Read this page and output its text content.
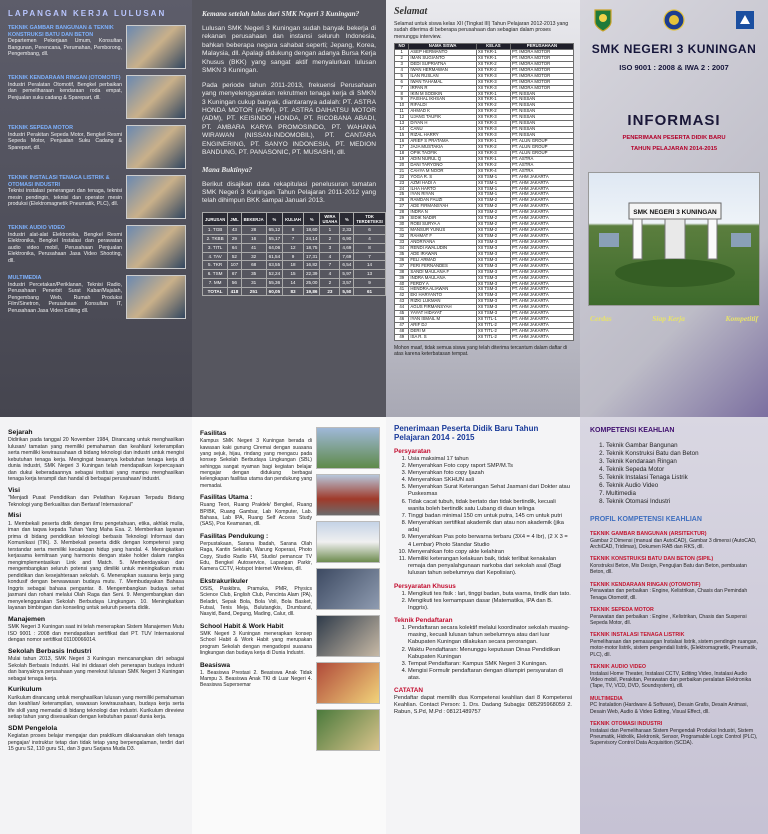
LAPANGAN KERJA LULUSAN
TEKNIK GAMBAR BANGUNAN & TEKNIK KONSTRUKSI BATU DAN BETON
Departemen Pekerjaan Umum, Konsultan Bangunan, Perencana, Perumahan, Pemborong, Pengembang, dll.
TEKNIK KENDARAAN RINGAN (OTOMOTIF)
Industri Peralatan Otomotif, Bengkel perbaikan dan pemeliharaan kendaraan roda empat, Penjualan suku cadang & Sparepart, dll.
TEKNIK SEPEDA MOTOR
Industri Perakitan Sepeda Motor, Bengkel Resmi Sepeda Motor, Penjualan Suku Cadang & Sparepart, dll.
TEKNIK INSTALASI TENAGA LISTRIK & OTOMASI INDUSTRI
Teknisi instalasi penerangan dan tenaga, teknisi mesin pendingin, teknisi dan operator mesin produksi (Elektromagnetik Pneumatik, PLC), dll.
TEKNIK AUDIO VIDEO
Industri alat-alat Elektronika, Bengkel Resmi Elektronika, Bengkel Instalasi dan perawatan audio video mobil, Perusahaan Penjualan Elektronika, Perusahaan Jasa Video Shooting, dll.
MULTIMEDIA
Industri Percetakan/Periklanan, Teknisi Radio, Perusahaan Penerbit Surat Kabar/Majalah, Pengembang Web, Rumah Produksi Film/Sinetron, Perusahaan Konsultan IT, Perusahaan Jasa Video Editing dll.
Kemana setelah lulus dari SMK Negeri 3 Kuningan?
Lulusan SMK Negeri 3 Kuningan sudah banyak bekerja di rekanan perusahaan dan instansi seluruh Indonesia, bahkan beberapa negara sahabat seperti; Jepang, Korea, Malaysia, dll. Apalagi didukung dengan adanya Bursa Kerja Khusus (BKK) yang sangat aktif menyalurkan lulusan SMKN 3 Kuningan.
Pada periode tahun 2011-2013, frekuensi Perusahaan yang menyelenggarakan rekrutmen tenaga kerja di SMKN 3 Kuningan cukup banyak, diantaranya adalah: PT. ASTRA HONDA MOTOR (AHM), PT. ASTRA DAIHATSU MOTOR (ADM), PT. KEISINDO HONDA, PT. RICOBANA ABADI, PT. AMBARA KARYA PROMOSINDO, PT. WAHANA WIRAWAN (NISSAN-INDOMOBIL), PT. CANTARA ENGINERING, PT. SANYO INDONESIA, PT. MEDION BANDUNG, PT. PANASONIC, PT. MUSASHI, dll.
Mana Buktinya?
Berikut disajikan data rekapitulasi penelusuran tamatan SMK Negeri 3 Kuningan Tahun Pelajaran 2011-2012 yang telah dihimpun BKK sampai Januari 2013.
JURUSAN	JML	BEKERJA	%	KULIAH	%	WIRA USAHA	%	TDK TERDETEKSI	
1. TGB	43	28	65,12	8	18,60	1	2,33	6	
2. TKBB	29	16	55,17	7	24,14	2	6,90	4	
3. TITL	64	41	64,06	12	18,75	3	4,69	8	
4. TAV	52	32	61,54	9	17,31	4	7,69	7	
5. TKR	107	68	63,55	18	16,82	7	6,54	14	
6. TSM	67	35	52,24	15	22,39	4	5,97	13	
7. MM	56	31	55,36	14	25,00	2	3,57	9	
TOTAL	418	251	60,05	83	19,86	23	5,50	61	
Selamat
Selamat untuk siswa kelas XII (Tingkat III) Tahun Pelajaran 2012-2013 yang sudah diterima di beberapa perusahaan dan sebagian dalam proses menunggu interview.
NO	NAMA SISWA	KELAS	PERUSAHAAN
1	ASEP HERMANTO	XII TKR-1	PT. IMORA MOTOR
2	IMAN SUGIANTO	XII TKR-1	PT. IMORA MOTOR
3	DEDI SUPRIATNA	XII TKR-2	PT. IMORA MOTOR
4	IWAN HERMAWAN	XII TKR-2	PT. IMORA MOTOR
5	ILAN RUSLAN	XII TKR-3	PT. IMORA MOTOR
6	IWAN TAHAMAL	XII TKR-3	PT. IMORA MOTOR
7	IRPAN R	XII TKR-3	PT. IMORA MOTOR
8	IKIN M SODIKIN	XII TKR-1	PT. NISSAN
9	FAISHAL IKHSAN	XII TKR-1	PT. NISSAN
10	RIFALDI	XII TKR-2	PT. NISSAN
11	AHMAD K	XII TKR-2	PT. NISSAN
12	UJANG TAUFIK	XII TKR-3	PT. NISSAN
13	DIYAN H	XII TKR-3	PT. NISSAN
14	CANU	XII TKR-3	PT. NISSAN
15	RIZAL HARRY	XII TKR-3	PT. NISSAN
16	ARIEF S PRATAMA	XII TKR-1	PT. ALUN GROUP
17	JAJA MUSTAKIA	XII TKR-2	PT. ALUN GROUP
18	OPIK TAOFIK	XII TKR-3	PT. ALUN GROUP
19	ADIN NURUL Q	XII TKR-1	PT. ASTRA
20	DANI TARYONO	XII TKR-2	PT. ASTRA
21	CAHYA M NOOR	XII TKR-4	PT. ASTRA
22	YOGA R. S	XII TSM-1	PT. AHM JAKARTA
23	AZMI HADI A	XII TSM-1	PT. AHM JAKARTA
24	ILHA HARTO	XII TSM-1	PT. AHM JAKARTA
25	IYAN RIYAN	XII TSM-1	PT. AHM JAKARTA
26	RAMDAN FAUZI	XII TSM-2	PT. AHM JAKARTA
27	ADE FIRMANSYAH	XII TSM-2	PT. AHM JAKARTA
28	INDRA N	XII TSM-2	PT. AHM JAKARTA
29	SIDIK NADIR	XII TSM-2	PT. AHM JAKARTA
30	ROBI SURYA A	XII TSM-2	PT. AHM JAKARTA
31	MANSUR YUNUS	XII TSM-2	PT. AHM JAKARTA
32	RAHMAT F	XII TSM-2	PT. AHM JAKARTA
33	ANDRIYANA	XII TSM-3	PT. AHM JAKARTA
34	RENDI AWALUDIN	XII TSM-3	PT. AHM JAKARTA
35	ADE IRAWAN	XII TSM-3	PT. AHM JAKARTA
36	FELI ARMAD	XII TSM-3	PT. AHM JAKARTA
37	FERI FERNANDES	XII TSM-3	PT. AHM JAKARTA
38	SANDI MAULANA F	XII TSM-3	PT. AHM JAKARTA
39	INDRA MAULANA	XII TSM-3	PT. AHM JAKARTA
40	FERDY A	XII TSM-3	PT. AHM JAKARTA
41	HENDRA ALIAWAN	XII TSM-3	PT. AHM JAKARTA
42	EKI HARYANTO	XII TSM-3	PT. AHM JAKARTA
43	RIZKI LUKMAN	XII TSM-3	PT. AHM JAKARTA
44	AGUS FIRMANSYAH	XII TSM-3	PT. AHM JAKARTA
45	YAYAT HIDAYAT	XII TSM-3	PT. AHM JAKARTA
46	IYAN ISMAIL M	XII TITL-1	PT. AHM JAKARTA
47	ARIF DJ	XII TITL-2	PT. AHM JAKARTA
48	DERI M	XII TITL-2	PT. AHM JAKARTA
49	ISA R. S	XII TITL-2	PT. AHM JAKARTA
Mohon maaf, tidak semua siswa yang telah diterima tercantum dalam daftar di atas karena keterbatasan tempat.
SMK NEGERI 3 KUNINGAN
ISO 9001 : 2008 & IWA 2 : 2007
INFORMASI
PENERIMAAN PESERTA DIDIK BARU
TAHUN PELAJARAN 2014-2015
SMK NEGERI 3 KUNINGAN
Cerdas	Siap Kerja	Kompetitif
Sejarah
Didirikan pada tanggal 20 November 1984, Dirancang untuk menghasilkan lulusan/ tamatan yang memiliki pemahaman dan keahlian/ keterampilan serta memiliki kewirausahaan di bidang teknologi dan industri untuk mengisi kebutuhan tenaga kerja. Mengingat besarnya kebutuhan tenaga kerja di dunia industri, SMK Negeri 3 Kuningan telah mendapatkan kepercayaan dan dukui keberadaannya sebagai institusi yang mampu menghasilkan tenaga kerja terampil dan handal di berbagai perusahaan/ industri.
Visi
"Menjadi Pusat Pendidikan dan Pelatihan Kejuruan Terpadu Bidang Teknologi yang Berkualitas dan Bertaraf Internasional"
Misi
1. Membekali peserta didik dengan ilmu pengetahuan, etika, akhlak mulia, iman dan taqwa kepada Tuhan Yang Maha Esa. 2. Memberikan layanan prima di bidang pendidikan teknologi berbasis Teknologi Informasi dan Komunikasi (TIK). 3. Membekali peserta didik dengan kompetensi yang terstandar serta memiliki kecakapan hidup yang handal. 4. Meningkatkan kerjasama kemitraan yang harmonis dengan stake holder dalam rangka mengimplementasikan Link and Match. 5. Memberdayakan dan mengembangkan seluruh potensi yang dimiliki untuk meningkatkan mutu pendidikan dan kesejahteraan sekolah. 6. Menerapkan suasana kerja yang kondusif dengan berwawasan budaya mutu. 7. Membudayakan Bahasa Inggris sebagai bahasa pengantar. 8. Mengembangkan budaya sehat jasmani dan rohani melalui Olah Raga dan Seni. 9. Mengembangkan dan menyelenggarakan Sekolah Berbudaya Lingkungan. 10. Meningkatkan layanan bimbingan dan konseling untuk seluruh peserta didik.
Manajemen
SMK Negeri 3 Kuningan saat ini telah menerapkan Sistem Manajemen Mutu ISO 9001 : 2008 dan mendapatkan sertifikat dari PT. TUV Internasional dengan nomor sertifikat 01100066014.
Sekolah Berbasis Industri
Mulai tahun 2013, SMK Negeri 3 Kuningan mencanangkan diri sebagai Sekolah Berbasis Industri. Hal ini didasari oleh penerapan budaya industri dan banyaknya perusahaan yang merekrut lulusan SMK Negeri 3 Kuningan sebagai tenaga kerja.
Kurikulum
Kurikulum dirancang untuk menghasilkan lulusan yang memiliki pemahaman dan keahlian/ keterampilan, wawasan kewirausahaan, budaya kerja serta life skill yang memadai di bidang teknologi dan industri. Kurikulum direview setiap tahun yang disesuaikan dengan kebutuhan pasar/ dunia kerja.
SDM Pengelola
Kegiatan proses belajar mengajar dan praktikum dilaksanakan oleh tenaga pengajar/ instruktur tetap dan tidak tetap yang berpengalaman, terdiri dari 15 guru S2, 110 guru S1, dan 3 guru Sarjana Muda D3.
Fasilitas
Kampus SMK Negeri 3 Kuningan berada di kawasan kaki gunung Ciremai dengan suasana yang sejuk, hijau, rindang yang mengacu pada konsep Sekolah Berbudaya Lingkungan (SBL) sehingga sangat nyaman bagi kegiatan belajar mengajar dengan didukung berbagai kelengkapan fasilitas utama dan pendukung yang memadai.
Fasilitas Utama :
Ruang Teori, Ruang Praktek/ Bengkel, Ruang BP/BK, Ruang Gambar, Lab Komputer, Lab. Bahasa, Lab IPA, Ruang Self Access Study (SAS), Pos Keamanan, dll.
Fasilitas Pendukung :
Perpustakaan, Sarana Ibadah, Sarana Olah Raga, Kantin Sekolah, Warung Koperasi, Photo Copy, Studio Radio FM, Studio/ pemancar TV Edu, Bengkel Autoservice, Lapangan Parkir, Kamera CCTV, Hotspot Internet Wireless, dll.
Ekstrakurikuler
OSIS, Paskibra, Pramuka, PMR, Physics Science Club, English Club, Pencinta Alam (PA), Beladiri, Sepak Bola, Bola Voli, Bola Basket, Futsal, Tenis Meja, Bulutangkis, Drumband, Nasyid, Band, Degung, Mading, Calur, dll.
School Habit & Work Habit
SMK Negeri 3 Kuningan menerapkan konsep School Habit & Work Habit yang merupakan program Sekolah dengan mengadopsi suasana lingkungan dan budaya kerja di Dunia Industri.
Beasiswa
1. Beasiswa Prestasi 2. Beasiswa Anak Tidak Mampu 3. Beasiswa Anak TKI di Luar Negeri 4. Beasiswa Supersemar
Penerimaan Peserta Didik Baru Tahun Pelajaran 2014 - 2015
Persyaratan
1. Usia maksimal 17 tahun
2. Menyerahkan Foto copy raport SMP/M.Ts
3. Menyerahkan foto copy Ijazah
4. Menyerahkan SKHUN asli
5. Menyerahkan Surat Keterangan Sehat Jasmani dari Dokter atau Puskesmas
6. Tidak cacat tubuh, tidak bertato dan tidak bertindik, kecuali wanita boleh bertindik satu Lubang di daun telinga
7. Tinggi badan minimal 150 cm untuk putra, 145 cm untuk putri
8. Menyerahkan sertifikat akademik dan atau non akademik (jika ada)
9. Menyerahkan Pas poto berwarna terbaru (3X4 = 4 lbr), (2 X 3 = 4 Lembar) Photo Standar Studio
10. Menyerahkan foto copy akte kelahiran
11. Memiliki keterangan kelakuan baik, tidak terlibat kenakalan remaja dan penyalahgunaan narkoba dari sekolah asal (Bagi lulusan tahun sebelumnya dari Kepolisian).
Persyaratan Khusus
1. Mengikuti tes fisik : lari, tinggi badan, buta warna, tindik dan tato.
2. Mengikuti tes kemampuan dasar (Matematika, IPA dan B. Inggris).
Teknik Pendaftaran
1. Pendaftaran secara kolektif melalui koordinator sekolah masing-masing, kecuali lulusan tahun sebelumnya atau dari luar Kabupaten Kuningan dilakukan secara perorangan.
2. Waktu Pendaftaran: Menunggu keputusan Dinas Pendidikan Kabupaten Kuningan
3. Tempat Pendaftaran: Kampus SMK Negeri 3 Kuningan.
4. Mengisi Formulir pendaftaran dengan dilampiri persyaratan di atas.
CATATAN
Pendaftar dapat memilih dua Kompetensi keahlian dari 8 Kompetensi Keahlian. Contact Person: 1. Drs. Dadang Subagja: 085295968059 2. Rabun, S.Pd, M.Pd : 08121489757
KOMPETENSI KEAHLIAN
1. Teknik Gambar Bangunan
2. Teknik Konstruksi Batu dan Beton
3. Teknik Kendaraan Ringan
4. Teknik Sepeda Motor
5. Teknik Instalasi Tenaga Listrik
6. Teknik Audio Video
7. Multimedia
8. Teknik Otomasi Industri
PROFIL KOMPETENSI KEAHLIAN
TEKNIK GAMBAR BANGUNAN (ARSITEKTUR)
Gambar 2 Dimensi (manual dan AutoCAD), Gambar 3 dimensi (AutoCAD, ArchiCAD, Tridimax), Dokumen RAB dan RKS, dll.
TEKNIK KONSTRUKSI BATU DAN BETON (SIPIL)
Konstruksi Beton, Mix Design, Pengujian Batu dan Beton, pembuatan Beton, dll.
TEKNIK KENDARAAN RINGAN (OTOMOTIF)
Perawatan dan perbaikan : Engine, Kelistrikan, Chasis dan Pemindah Tenaga Otomotif, dll.
TEKNIK SEPEDA MOTOR
Perawatan dan perbaikan : Engine , Kelistrikan, Chasis dan Suspensi Sepeda Motor, dll.
TEKNIK INSTALASI TENAGA LISTRIK
Pemeliharaan dan pemasangan Instalasi listrik, sistem pendingin ruangan, motor-motor listrik, sistem pengendali listrik, (Elektromagnetik, Pneumatik, PLC), dll.
TEKNIK AUDIO VIDEO
Instalasi Home Theater, Instalasi CCTV, Editing Video, Instalasi Audio Video mobil, Perakitan, Perawatan dan perbaikan peralatan Elektronika (Tape, TV, VCD, DVD, Soundsystem), dll.
MULTIMEDIA
PC Instalation (Hardware & Software), Desain Grafis, Desain Animasi, Desain Web, Audio & Video Editing, Visual Effect, dll.
TEKNIK OTOMASI INDUSTRI
Instalasi dan Pemeliharaan Sistem Pengendali Produksi Industri, Sistem Pneumatik, Hidrolik, Elektronik, Sensor, Programable Logic Control (PLC), Supervisory Control Data Acquisition (SCDA).
